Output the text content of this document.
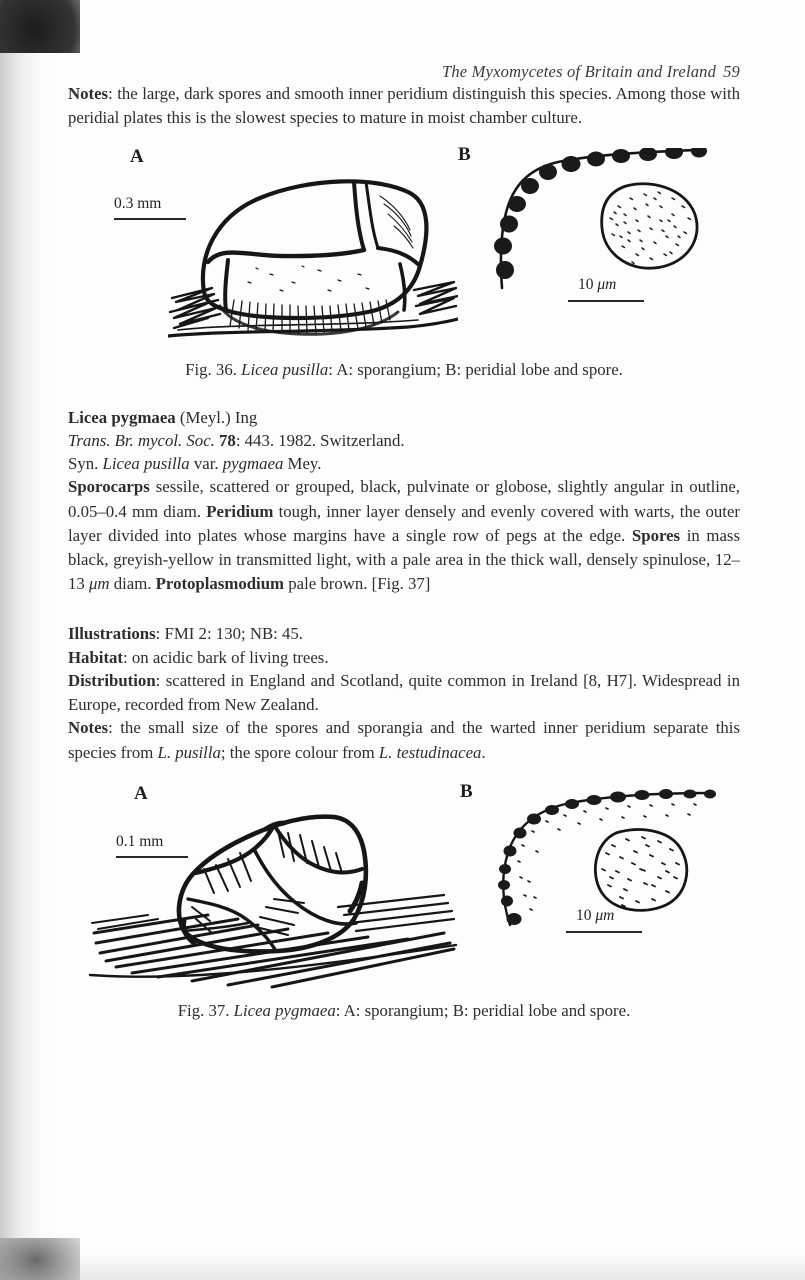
The Myxomycetes of Britain and Ireland 59

Notes: the large, dark spores and smooth inner peridium distinguish this species. Among those with peridial plates this is the slowest species to mature in moist chamber culture.

A	B
0.3 mm
10 μm

Fig. 36. Licea pusilla: A: sporangium; B: peridial lobe and spore.

Licea pygmaea (Meyl.) Ing

Trans. Br. mycol. Soc. 78: 443. 1982. Switzerland.

Syn. Licea pusilla var. pygmaea Mey.

Sporocarps sessile, scattered or grouped, black, pulvinate or globose, slightly angular in outline, 0.05–0.4 mm diam. Peridium tough, inner layer densely and evenly covered with warts, the outer layer divided into plates whose margins have a single row of pegs at the edge. Spores in mass black, greyish-yellow in transmitted light, with a pale area in the thick wall, densely spinulose, 12–13 μm diam. Protoplasmodium pale brown. [Fig. 37]

Illustrations: FMI 2: 130; NB: 45.

Habitat: on acidic bark of living trees.

Distribution: scattered in England and Scotland, quite common in Ireland [8, H7]. Widespread in Europe, recorded from New Zealand.

Notes: the small size of the spores and sporangia and the warted inner peridium separate this species from L. pusilla; the spore colour from L. testudinacea.

A	B
0.1 mm
10 μm

Fig. 37. Licea pygmaea: A: sporangium; B: peridial lobe and spore.
